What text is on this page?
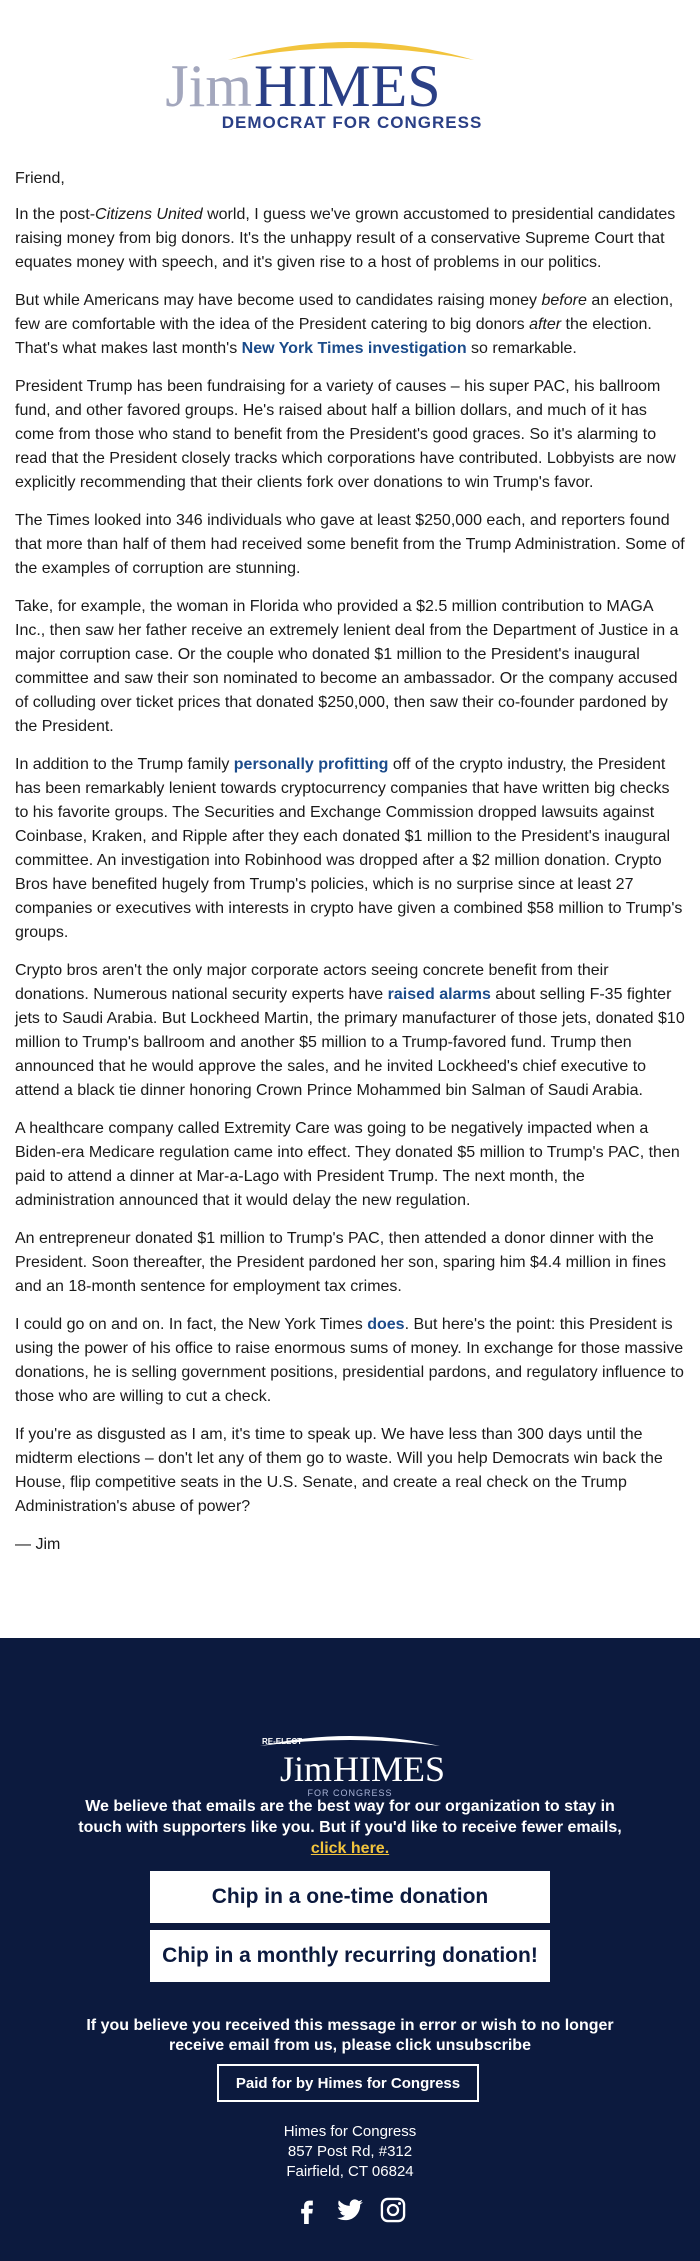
Jim HIMES
DEMOCRAT FOR CONGRESS

Friend,

In the post-Citizens United world, I guess we've grown accustomed to presidential candidates raising money from big donors. It's the unhappy result of a conservative Supreme Court that equates money with speech, and it's given rise to a host of problems in our politics.

But while Americans may have become used to candidates raising money before an election, few are comfortable with the idea of the President catering to big donors after the election. That's what makes last month's New York Times investigation so remarkable.

President Trump has been fundraising for a variety of causes – his super PAC, his ballroom fund, and other favored groups. He's raised about half a billion dollars, and much of it has come from those who stand to benefit from the President's good graces. So it's alarming to read that the President closely tracks which corporations have contributed. Lobbyists are now explicitly recommending that their clients fork over donations to win Trump's favor.

The Times looked into 346 individuals who gave at least $250,000 each, and reporters found that more than half of them had received some benefit from the Trump Administration. Some of the examples of corruption are stunning.

Take, for example, the woman in Florida who provided a $2.5 million contribution to MAGA Inc., then saw her father receive an extremely lenient deal from the Department of Justice in a major corruption case. Or the couple who donated $1 million to the President's inaugural committee and saw their son nominated to become an ambassador. Or the company accused of colluding over ticket prices that donated $250,000, then saw their co-founder pardoned by the President.

In addition to the Trump family personally profitting off of the crypto industry, the President has been remarkably lenient towards cryptocurrency companies that have written big checks to his favorite groups. The Securities and Exchange Commission dropped lawsuits against Coinbase, Kraken, and Ripple after they each donated $1 million to the President's inaugural committee. An investigation into Robinhood was dropped after a $2 million donation. Crypto Bros have benefited hugely from Trump's policies, which is no surprise since at least 27 companies or executives with interests in crypto have given a combined $58 million to Trump's groups.

Crypto bros aren't the only major corporate actors seeing concrete benefit from their donations. Numerous national security experts have raised alarms about selling F-35 fighter jets to Saudi Arabia. But Lockheed Martin, the primary manufacturer of those jets, donated $10 million to Trump's ballroom and another $5 million to a Trump-favored fund. Trump then announced that he would approve the sales, and he invited Lockheed's chief executive to attend a black tie dinner honoring Crown Prince Mohammed bin Salman of Saudi Arabia.

A healthcare company called Extremity Care was going to be negatively impacted when a Biden-era Medicare regulation came into effect. They donated $5 million to Trump's PAC, then paid to attend a dinner at Mar-a-Lago with President Trump. The next month, the administration announced that it would delay the new regulation.

An entrepreneur donated $1 million to Trump's PAC, then attended a donor dinner with the President. Soon thereafter, the President pardoned her son, sparing him $4.4 million in fines and an 18-month sentence for employment tax crimes.

I could go on and on. In fact, the New York Times does. But here's the point: this President is using the power of his office to raise enormous sums of money. In exchange for those massive donations, he is selling government positions, presidential pardons, and regulatory influence to those who are willing to cut a check.

If you're as disgusted as I am, it's time to speak up. We have less than 300 days until the midterm elections – don't let any of them go to waste. Will you help Democrats win back the House, flip competitive seats in the U.S. Senate, and create a real check on the Trump Administration's abuse of power?

— Jim

RE-ELECT
Jim HIMES
FOR CONGRESS
We believe that emails are the best way for our organization to stay in touch with supporters like you. But if you'd like to receive fewer emails, click here.
Chip in a one-time donation
Chip in a monthly recurring donation!
If you believe you received this message in error or wish to no longer receive email from us, please click unsubscribe
Paid for by Himes for Congress
Himes for Congress
857 Post Rd, #312
Fairfield, CT 06824
